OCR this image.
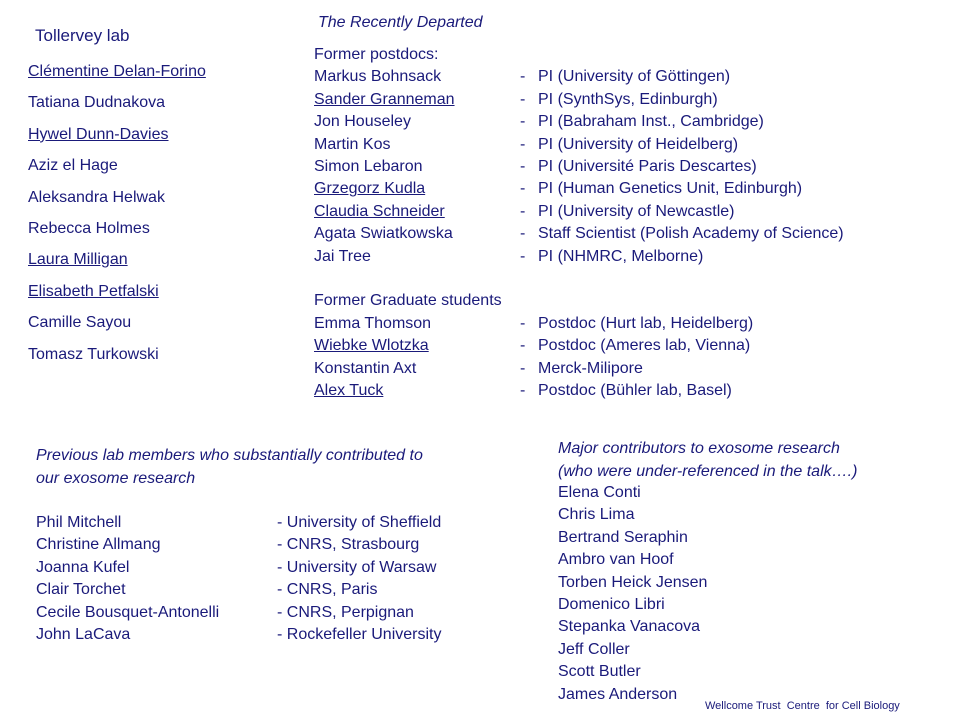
Tollervey lab
Clémentine Delan-Forino
Tatiana Dudnakova
Hywel Dunn-Davies
Aziz el Hage
Aleksandra Helwak
Rebecca Holmes
Laura Milligan
Elisabeth Petfalski
Camille Sayou
Tomasz Turkowski
The Recently Departed
Former postdocs:
Markus Bohnsack	- PI (University of Göttingen)
Sander Granneman	- PI (SynthSys, Edinburgh)
Jon Houseley	- PI (Babraham Inst., Cambridge)
Martin Kos	- PI (University of Heidelberg)
Simon Lebaron	- PI (Université Paris Descartes)
Grzegorz Kudla	- PI (Human Genetics Unit, Edinburgh)
Claudia Schneider	- PI (University of Newcastle)
Agata Swiatkowska	- Staff Scientist (Polish Academy of Science)
Jai Tree	- PI (NHMRC, Melborne)
Former Graduate students
Emma Thomson	- Postdoc (Hurt lab, Heidelberg)
Wiebke Wlotzka	- Postdoc (Ameres lab, Vienna)
Konstantin Axt	- Merck-Milipore
Alex Tuck	- Postdoc (Bühler lab, Basel)
Previous lab members who substantially contributed to
our exosome research
Phil Mitchell	- University of Sheffield
Christine Allmang	- CNRS, Strasbourg
Joanna Kufel	- University of Warsaw
Clair Torchet	- CNRS, Paris
Cecile Bousquet-Antonelli	- CNRS, Perpignan
John LaCava	- Rockefeller University
Major contributors to exosome research
(who were under-referenced in the talk….)
Elena Conti
Chris Lima
Bertrand Seraphin
Ambro van Hoof
Torben Heick Jensen
Domenico Libri
Stepanka Vanacova
Jeff Coller
Scott Butler
James Anderson
Wellcome Trust  Centre  for Cell Biology
